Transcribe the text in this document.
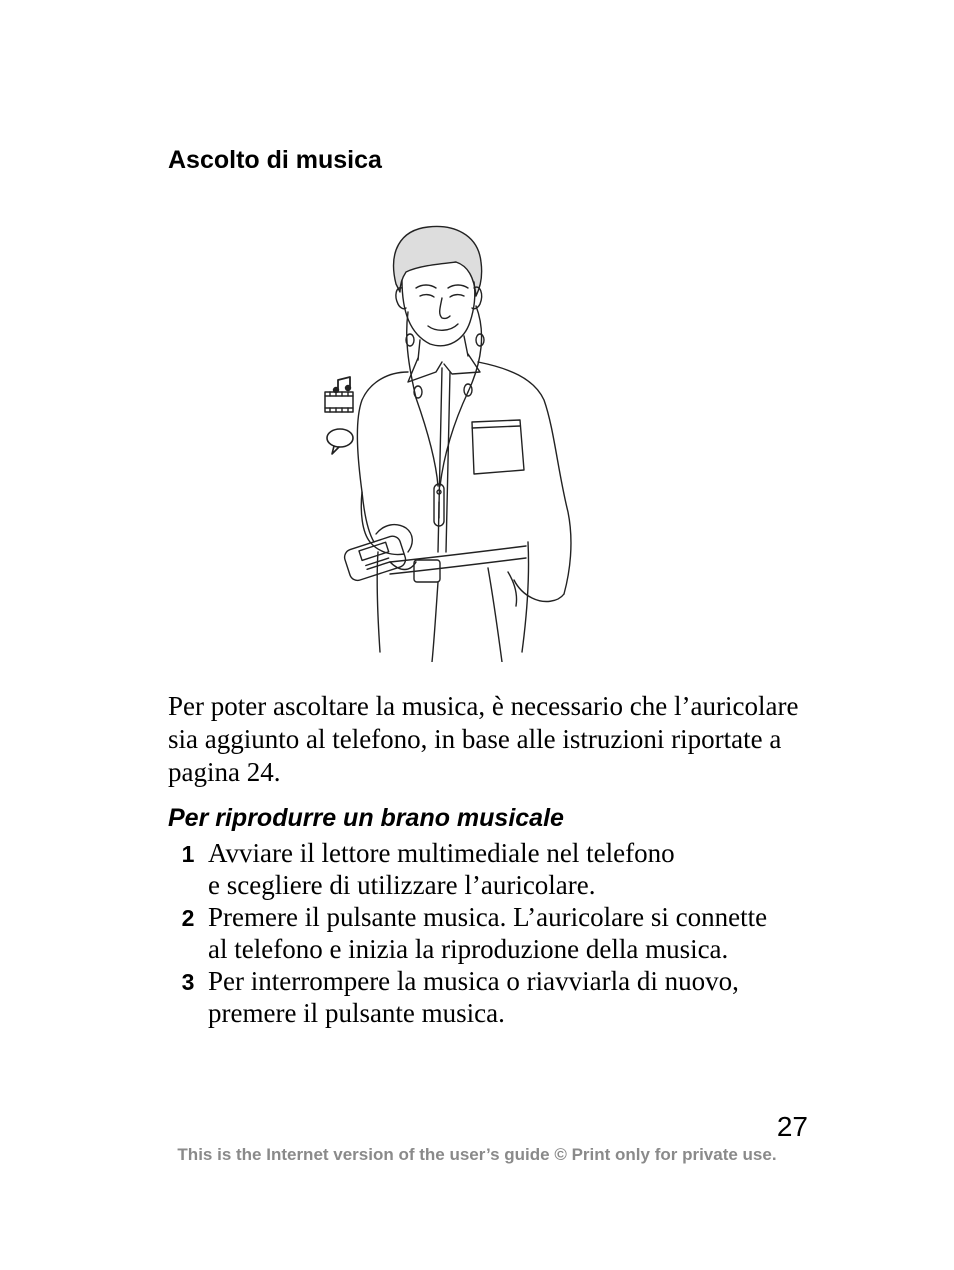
Ascolto di musica

Per poter ascoltare la musica, è necessario che l’auricolare sia aggiunto al telefono, in base alle istruzioni riportate a pagina 24.

Per riprodurre un brano musicale
1 Avviare il lettore multimediale nel telefono
e scegliere di utilizzare l’auricolare.
2 Premere il pulsante musica. L’auricolare si connette
al telefono e inizia la riproduzione della musica.
3 Per interrompere la musica o riavviarla di nuovo,
premere il pulsante musica.
27
This is the Internet version of the user’s guide © Print only for private use.
